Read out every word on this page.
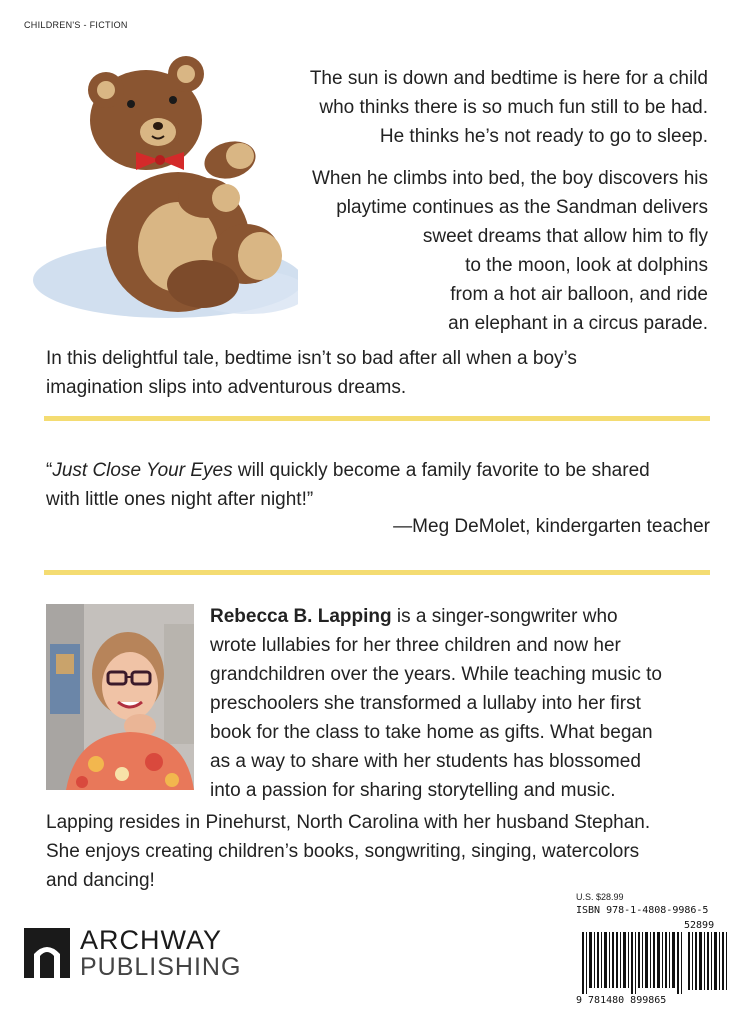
CHILDREN'S - FICTION
The sun is down and bedtime is here for a child
who thinks there is so much fun still to be had.
He thinks he’s not ready to go to sleep.
When he climbs into bed, the boy discovers his
playtime continues as the Sandman delivers
sweet dreams that allow him to fly
to the moon, look at dolphins
from a hot air balloon, and ride
an elephant in a circus parade.
In this delightful tale, bedtime isn’t so bad after all when a boy’s
imagination slips into adventurous dreams.
“Just Close Your Eyes will quickly become a family favorite to be shared
with little ones night after night!”
—Meg DeMolet, kindergarten teacher
Rebecca B. Lapping is a singer-songwriter who
wrote lullabies for her three children and now her
grandchildren over the years. While teaching music to
preschoolers she transformed a lullaby into her first
book for the class to take home as gifts. What began
as a way to share with her students has blossomed
into a passion for sharing storytelling and music.
Lapping resides in Pinehurst, North Carolina with her husband Stephan.
She enjoys creating children’s books, songwriting, singing, watercolors
and dancing!
ARCHWAY
PUBLISHING
U.S. $28.99
ISBN 978-1-4808-9986-5
52899
9 781480 899865
